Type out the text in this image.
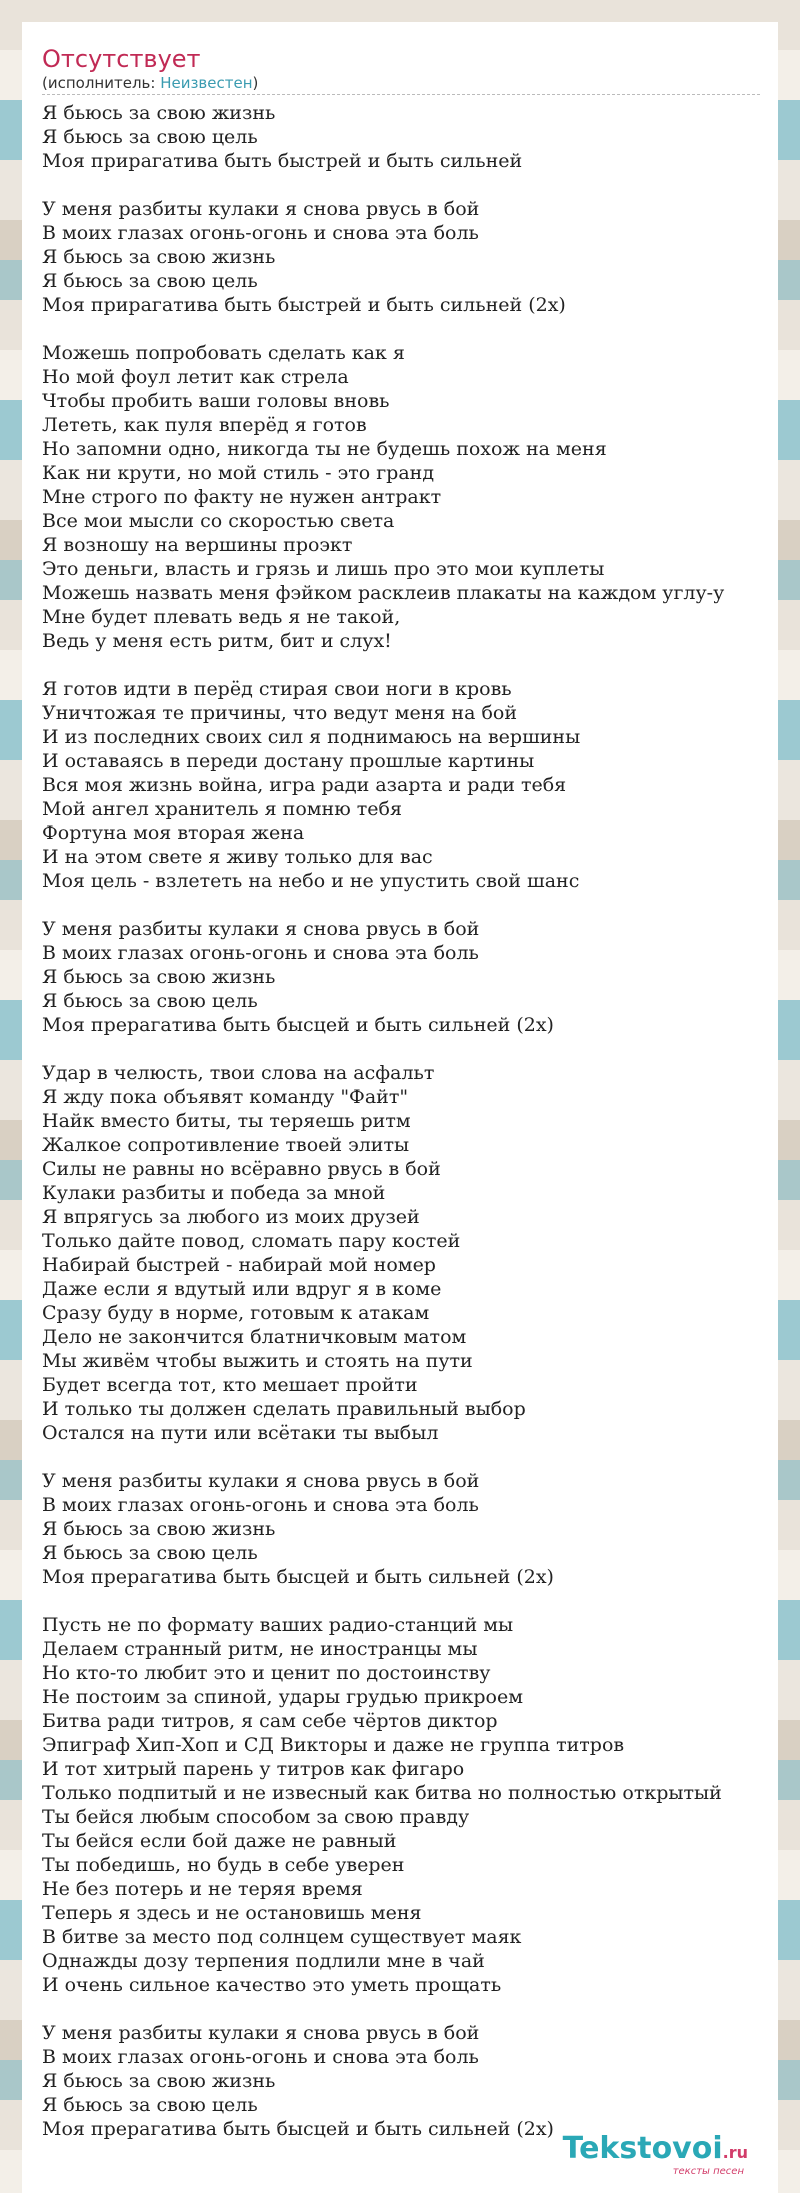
Отсутствует
(исполнитель: Неизвестен)
Я бьюсь за свою жизнь
Я бьюсь за свою цель
Моя прирагатива быть быстрей и быть сильней
У меня разбиты кулаки я снова рвусь в бой
В моих глазах огонь-огонь и снова эта боль
Я бьюсь за свою жизнь
Я бьюсь за свою цель
Моя прирагатива быть быстрей и быть сильней (2x)
Можешь попробовать сделать как я
Но мой фоул летит как стрела
Чтобы пробить ваши головы вновь
Лететь, как пуля вперёд я готов
Но запомни одно, никогда ты не будешь похож на меня
Как ни крути, но мой стиль - это гранд
Мне строго по факту не нужен антракт
Все мои мысли со скоростью света
Я возношу на вершины проэкт
Это деньги, власть и грязь и лишь про это мои куплеты
Можешь назвать меня фэйком расклеив плакаты на каждом углу-у
Мне будет плевать ведь я не такой,
Ведь у меня есть ритм, бит и слух!
Я готов идти в перёд стирая свои ноги в кровь
Уничтожая те причины, что ведут меня на бой
И из последних своих сил я поднимаюсь на вершины
И оставаясь в переди достану прошлые картины
Вся моя жизнь война, игра ради азарта и ради тебя
Мой ангел хранитель я помню тебя
Фортуна моя вторая жена
И на этом свете я живу только для вас
Моя цель - взлететь на небо и не упустить свой шанс
У меня разбиты кулаки я снова рвусь в бой
В моих глазах огонь-огонь и снова эта боль
Я бьюсь за свою жизнь
Я бьюсь за свою цель
Моя прерагатива быть бысцей и быть сильней (2x)
Удар в челюсть, твои слова на асфальт
Я жду пока объявят команду "Файт"
Найк вместо биты, ты теряешь ритм
Жалкое сопротивление твоей элиты
Силы не равны но всёравно рвусь в бой
Кулаки разбиты и победа за мной
Я впрягусь за любого из моих друзей
Только дайте повод, сломать пару костей
Набирай быстрей - набирай мой номер
Даже если я вдутый или вдруг я в коме
Сразу буду в норме, готовым к атакам
Дело не закончится блатничковым матом
Мы живём чтобы выжить и стоять на пути
Будет всегда тот, кто мешает пройти
И только ты должен сделать правильный выбор
Остался на пути или всётаки ты выбыл
У меня разбиты кулаки я снова рвусь в бой
В моих глазах огонь-огонь и снова эта боль
Я бьюсь за свою жизнь
Я бьюсь за свою цель
Моя прерагатива быть бысцей и быть сильней (2x)
Пусть не по формату ваших радио-станций мы
Делаем странный ритм, не иностранцы мы
Но кто-то любит это и ценит по достоинству
Не постоим за спиной, удары грудью прикроем
Битва ради титров, я сам себе чёртов диктор
Эпиграф Хип-Хоп и СД Викторы и даже не группа титров
И тот хитрый парень у титров как фигаро
Только подпитый и не извесный как битва но полностью открытый
Ты бейся любым способом за свою правду
Ты бейся если бой даже не равный
Ты победишь, но будь в себе уверен
Не без потерь и не теряя время
Теперь я здесь и не остановишь меня
В битве за место под солнцем существует маяк
Однажды дозу терпения подлили мне в чай
И очень сильное качество это уметь прощать
У меня разбиты кулаки я снова рвусь в бой
В моих глазах огонь-огонь и снова эта боль
Я бьюсь за свою жизнь
Я бьюсь за свою цель
Моя прерагатива быть бысцей и быть сильней (2x)
Tekstovoi.ru
тексты песен
